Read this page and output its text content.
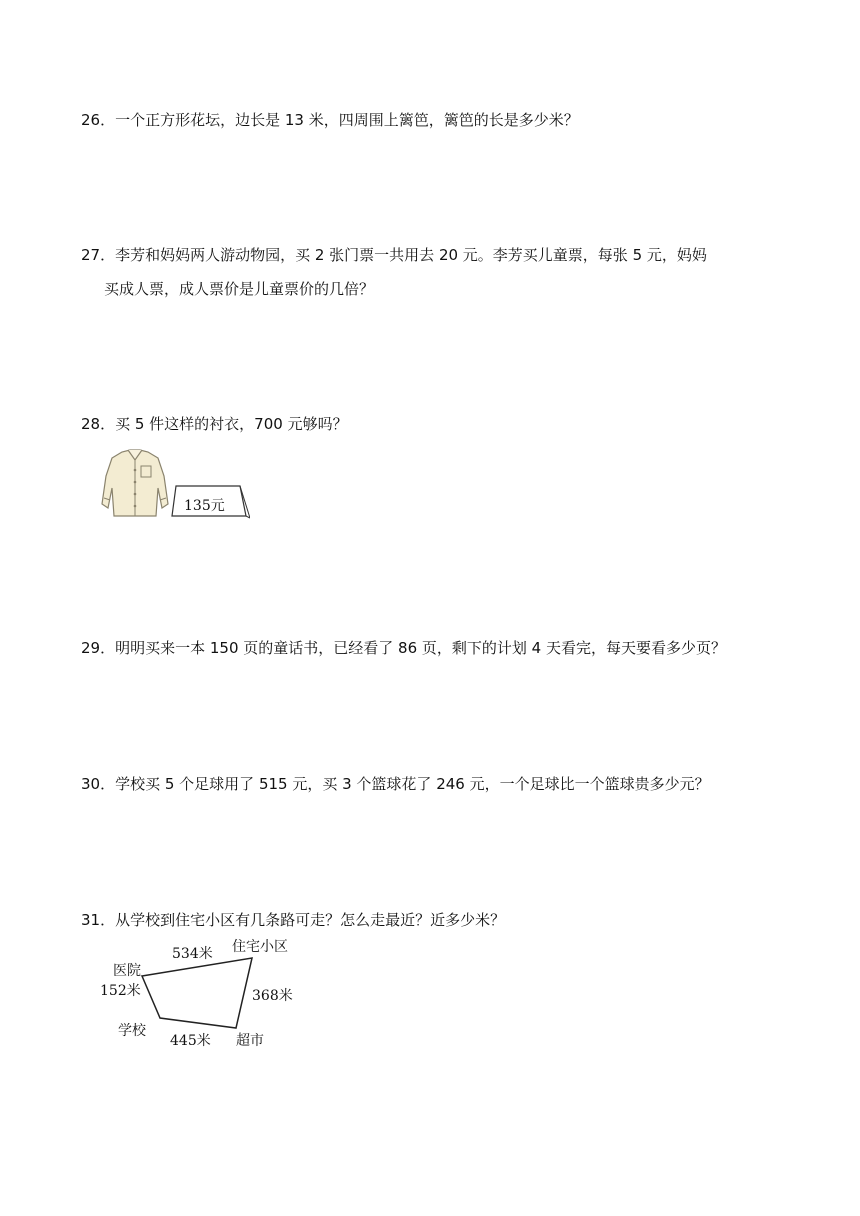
26．一个正方形花坛，边长是 13 米，四周围上篱笆，篱笆的长是多少米？
27．李芳和妈妈两人游动物园，买 2 张门票一共用去 20 元。李芳买儿童票，每张 5 元，妈妈
买成人票，成人票价是儿童票价的几倍？
28．买 5 件这样的衬衣，700 元够吗？
135元
29．明明买来一本 150 页的童话书，已经看了 86 页，剩下的计划 4 天看完，每天要看多少页？
30．学校买 5 个足球用了 515 元，买 3 个篮球花了 246 元，一个足球比一个篮球贵多少元？
31．从学校到住宅小区有几条路可走？怎么走最近？近多少米？
医院
住宅小区
学校
超市
534米
368米
152米
445米
